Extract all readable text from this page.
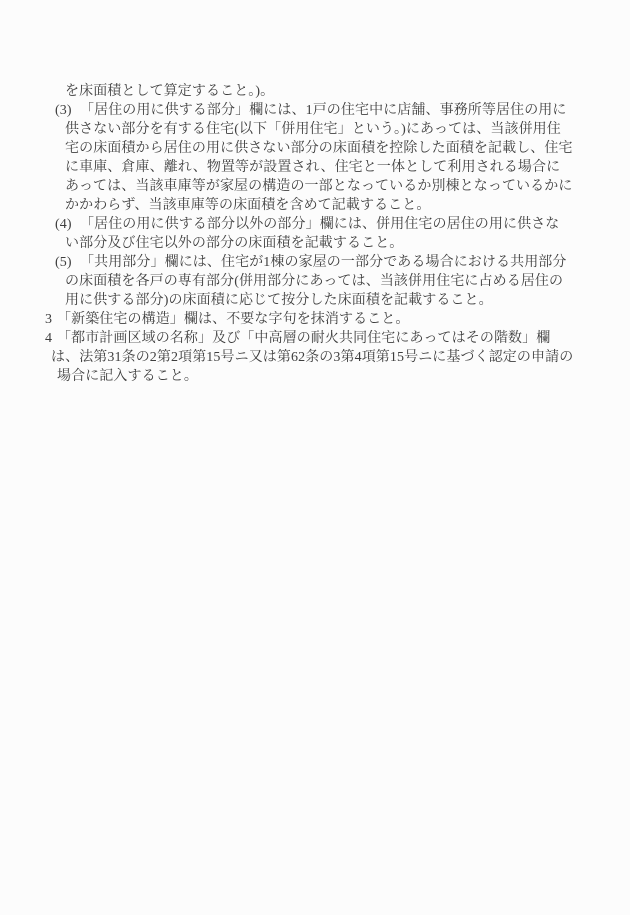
を床面積として算定すること。)。
(3) 「居住の用に供する部分」欄には、1戸の住宅中に店舗、事務所等居住の用に
供さない部分を有する住宅(以下「併用住宅」という。)にあっては、当該併用住
宅の床面積から居住の用に供さない部分の床面積を控除した面積を記載し、住宅
に車庫、倉庫、離れ、物置等が設置され、住宅と一体として利用される場合に
あっては、当該車庫等が家屋の構造の一部となっているか別棟となっているかに
かかわらず、当該車庫等の床面積を含めて記載すること。
(4) 「居住の用に供する部分以外の部分」欄には、併用住宅の居住の用に供さな
い部分及び住宅以外の部分の床面積を記載すること。
(5) 「共用部分」欄には、住宅が1棟の家屋の一部分である場合における共用部分
の床面積を各戸の専有部分(併用部分にあっては、当該併用住宅に占める居住の
用に供する部分)の床面積に応じて按分した床面積を記載すること。
3 「新築住宅の構造」欄は、不要な字句を抹消すること。
4 「都市計画区域の名称」及び「中高層の耐火共同住宅にあってはその階数」欄
は、法第31条の2第2項第15号ニ又は第62条の3第4項第15号ニに基づく認定の申請の
場合に記入すること。
